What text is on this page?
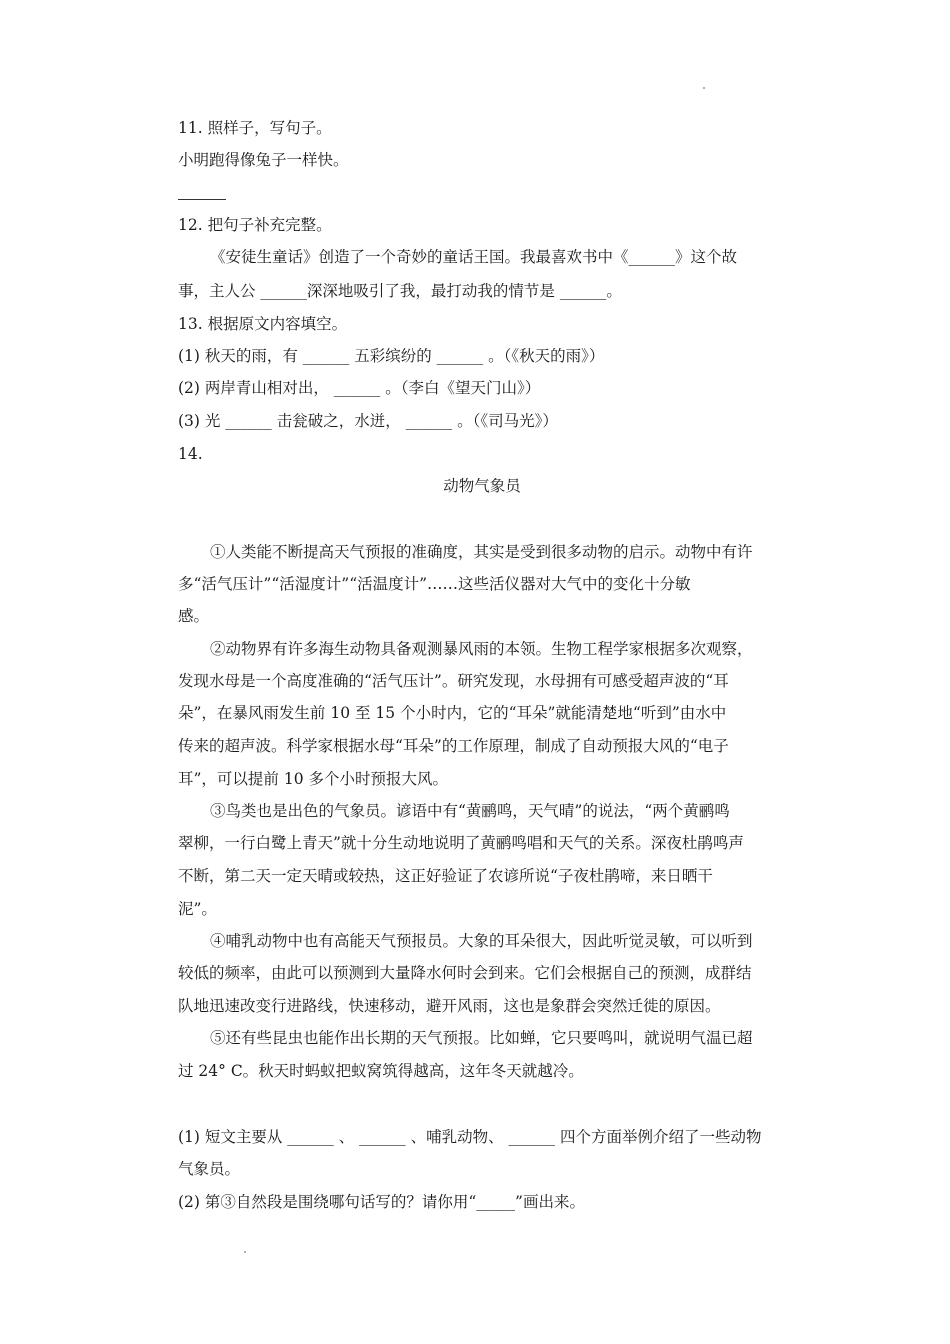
11. 照样子，写句子。
小明跑得像兔子一样快。
12. 把句子补充完整。
《安徒生童话》创造了一个奇妙的童话王国。我最喜欢书中《______》这个故
事，主人公 ______深深地吸引了我，最打动我的情节是 ______。
13. 根据原文内容填空。
(1) 秋天的雨，有 ______ 五彩缤纷的 ______ 。（《秋天的雨》）
(2) 两岸青山相对出， ______ 。（李白《望天门山》）
(3) 光 ______ 击瓮破之，水迸， ______ 。（《司马光》）
14.
动物气象员
①人类能不断提高天气预报的准确度，其实是受到很多动物的启示。动物中有许
多“活气压计”“活湿度计”“活温度计”……这些活仪器对大气中的变化十分敏
感。
②动物界有许多海生动物具备观测暴风雨的本领。生物工程学家根据多次观察，
发现水母是一个高度准确的“活气压计”。研究发现，水母拥有可感受超声波的“耳
朵”，在暴风雨发生前 10 至 15 个小时内，它的“耳朵”就能清楚地“听到”由水中
传来的超声波。科学家根据水母“耳朵”的工作原理，制成了自动预报大风的“电子
耳”，可以提前 10 多个小时预报大风。
③鸟类也是出色的气象员。谚语中有“黄鹂鸣，天气晴”的说法，“两个黄鹂鸣
翠柳，一行白鹭上青天”就十分生动地说明了黄鹂鸣唱和天气的关系。深夜杜鹃鸣声
不断，第二天一定天晴或较热，这正好验证了农谚所说“子夜杜鹃啼，来日晒干
泥”。
④哺乳动物中也有高能天气预报员。大象的耳朵很大，因此听觉灵敏，可以听到
较低的频率，由此可以预测到大量降水何时会到来。它们会根据自己的预测，成群结
队地迅速改变行进路线，快速移动，避开风雨，这也是象群会突然迁徙的原因。
⑤还有些昆虫也能作出长期的天气预报。比如蝉，它只要鸣叫，就说明气温已超
过 24° C。秋天时蚂蚁把蚁窝筑得越高，这年冬天就越冷。
(1) 短文主要从 ______ 、 ______ 、哺乳动物、 ______ 四个方面举例介绍了一些动物
气象员。
(2) 第③自然段是围绕哪句话写的？请你用“_____”画出来。
